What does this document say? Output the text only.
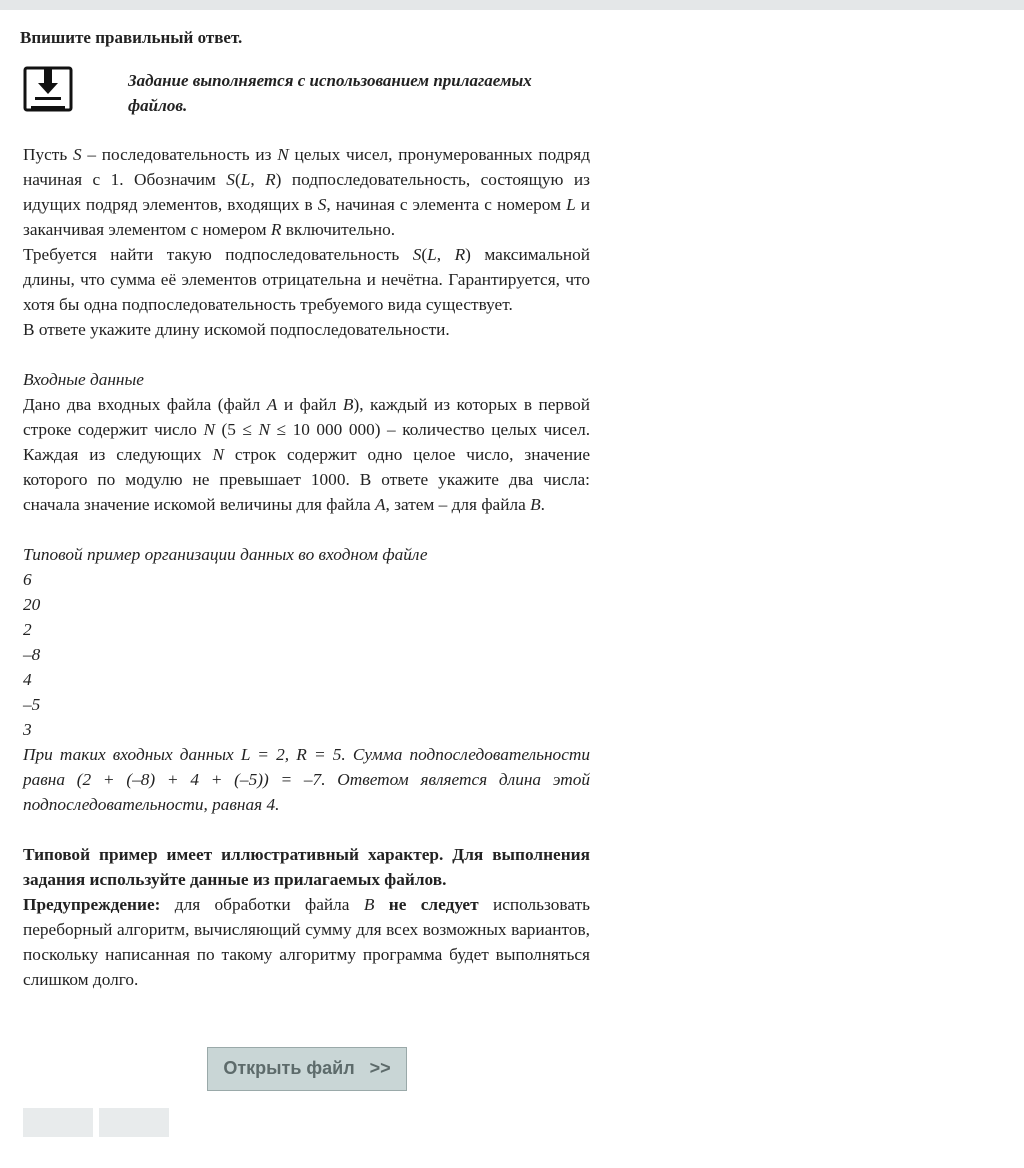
Впишите правильный ответ.
Задание выполняется с использованием прилагаемых файлов.

Пусть S – последовательность из N целых чисел, пронумерованных подряд начиная с 1. Обозначим S(L, R) подпоследовательность, состоящую из идущих подряд элементов, входящих в S, начиная с элемента с номером L и заканчивая элементом с номером R включительно.

Требуется найти такую подпоследовательность S(L, R) максимальной длины, что сумма её элементов отрицательна и нечётна. Гарантируется, что хотя бы одна подпоследовательность требуемого вида существует.

В ответе укажите длину искомой подпоследовательности.

Входные данные

Дано два входных файла (файл A и файл B), каждый из которых в первой строке содержит число N (5 ≤ N ≤ 10 000 000) – количество целых чисел. Каждая из следующих N строк содержит одно целое число, значение которого по модулю не превышает 1000. В ответе укажите два числа: сначала значение искомой величины для файла A, затем – для файла B.

Типовой пример организации данных во входном файле

6

20

2

–8

4

–5

3

При таких входных данных L = 2, R = 5. Сумма подпоследовательности равна (2 + (–8) + 4 + (–5)) = –7. Ответом является длина этой подпоследовательности, равная 4.

Типовой пример имеет иллюстративный характер. Для выполнения задания используйте данные из прилагаемых файлов.

Предупреждение: для обработки файла B не следует использовать переборный алгоритм, вычисляющий сумму для всех возможных вариантов, поскольку написанная по такому алгоритму программа будет выполняться слишком долго.

Открыть файл   >>
